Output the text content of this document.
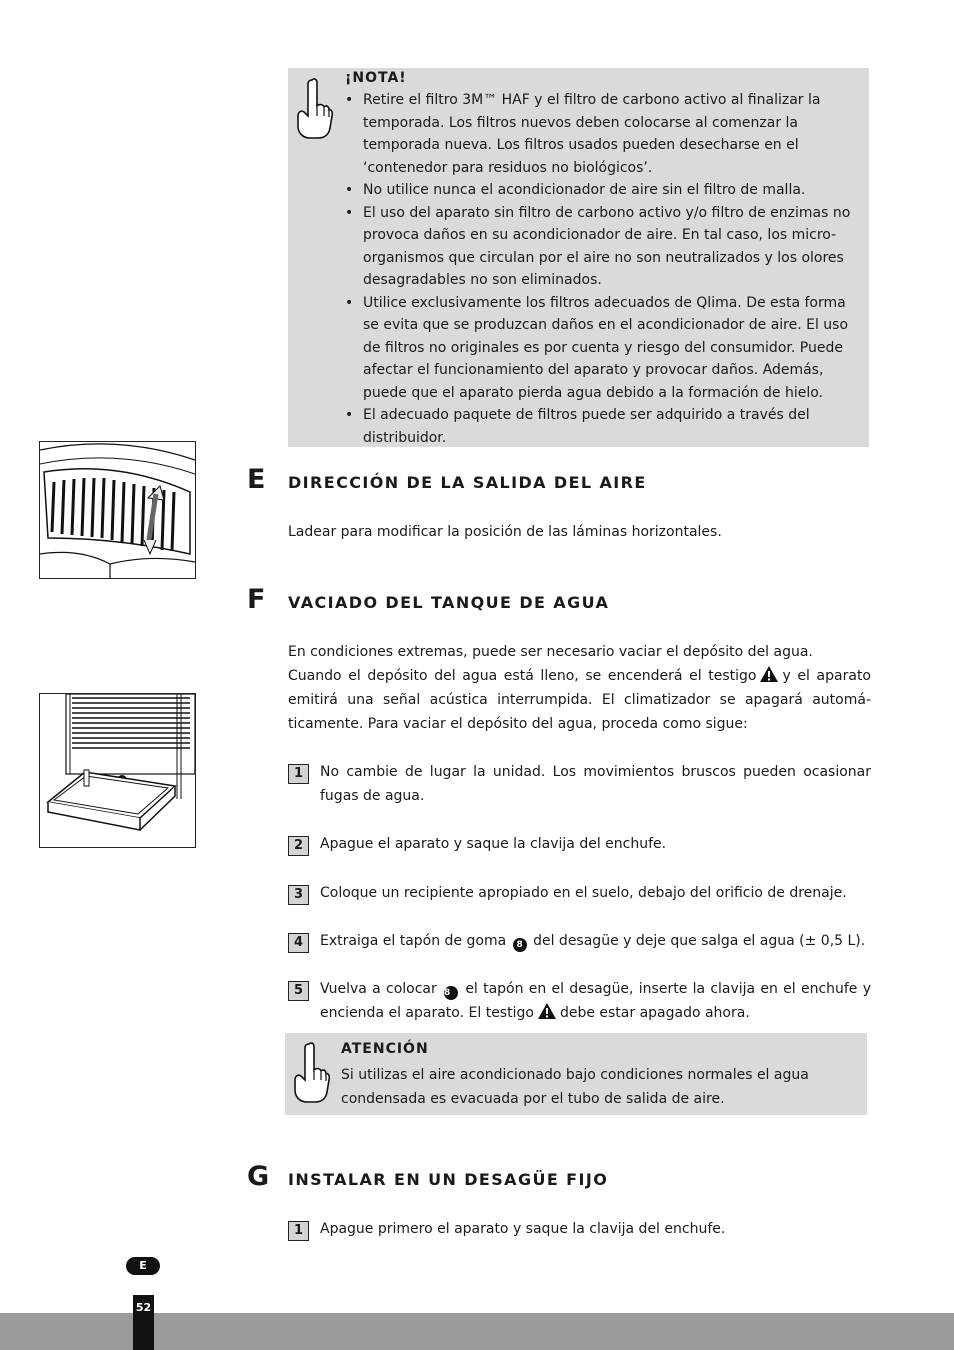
¡NOTA!
• Retire el filtro 3M™ HAF y el filtro de carbono activo al finalizar la temporada. Los filtros nuevos deben colocarse al comenzar la temporada nueva. Los filtros usados pueden desecharse en el ‘contenedor para residuos no biológicos’.
• No utilice nunca el acondicionador de aire sin el filtro de malla.
• El uso del aparato sin filtro de carbono activo y/o filtro de enzimas no provoca daños en su acondicionador de aire. En tal caso, los micro-organismos que circulan por el aire no son neutralizados y los olores desagradables no son eliminados.
• Utilice exclusivamente los filtros adecuados de Qlima. De esta forma se evita que se produzcan daños en el acondicionador de aire. El uso de filtros no originales es por cuenta y riesgo del consumidor. Puede afectar el funcionamiento del aparato y provocar daños. Además, puede que el aparato pierda agua debido a la formación de hielo.
• El adecuado paquete de filtros puede ser adquirido a través del distribuidor.
E DIRECCIÓN DE LA SALIDA DEL AIRE
Ladear para modificar la posición de las láminas horizontales.
F VACIADO DEL TANQUE DE AGUA
En condiciones extremas, puede ser necesario vaciar el depósito del agua.
Cuando el depósito del agua está lleno, se encenderá el testigo y el aparato emitirá una señal acústica interrumpida. El climatizador se apagará automá-ticamente. Para vaciar el depósito del agua, proceda como sigue:
1	No cambie de lugar la unidad. Los movimientos bruscos pueden ocasionar fugas de agua.
2	Apague el aparato y saque la clavija del enchufe.
3	Coloque un recipiente apropiado en el suelo, debajo del orificio de drenaje.
4	Extraiga el tapón de goma 8 del desagüe y deje que salga el agua (± 0,5 L).
5	Vuelva a colocar 8 el tapón en el desagüe, inserte la clavija en el enchufe y encienda el aparato. El testigo debe estar apagado ahora.
ATENCIÓN
Si utilizas el aire acondicionado bajo condiciones normales el agua condensada es evacuada por el tubo de salida de aire.
G INSTALAR EN UN DESAGÜE FIJO
1	Apague primero el aparato y saque la clavija del enchufe.
E
52
